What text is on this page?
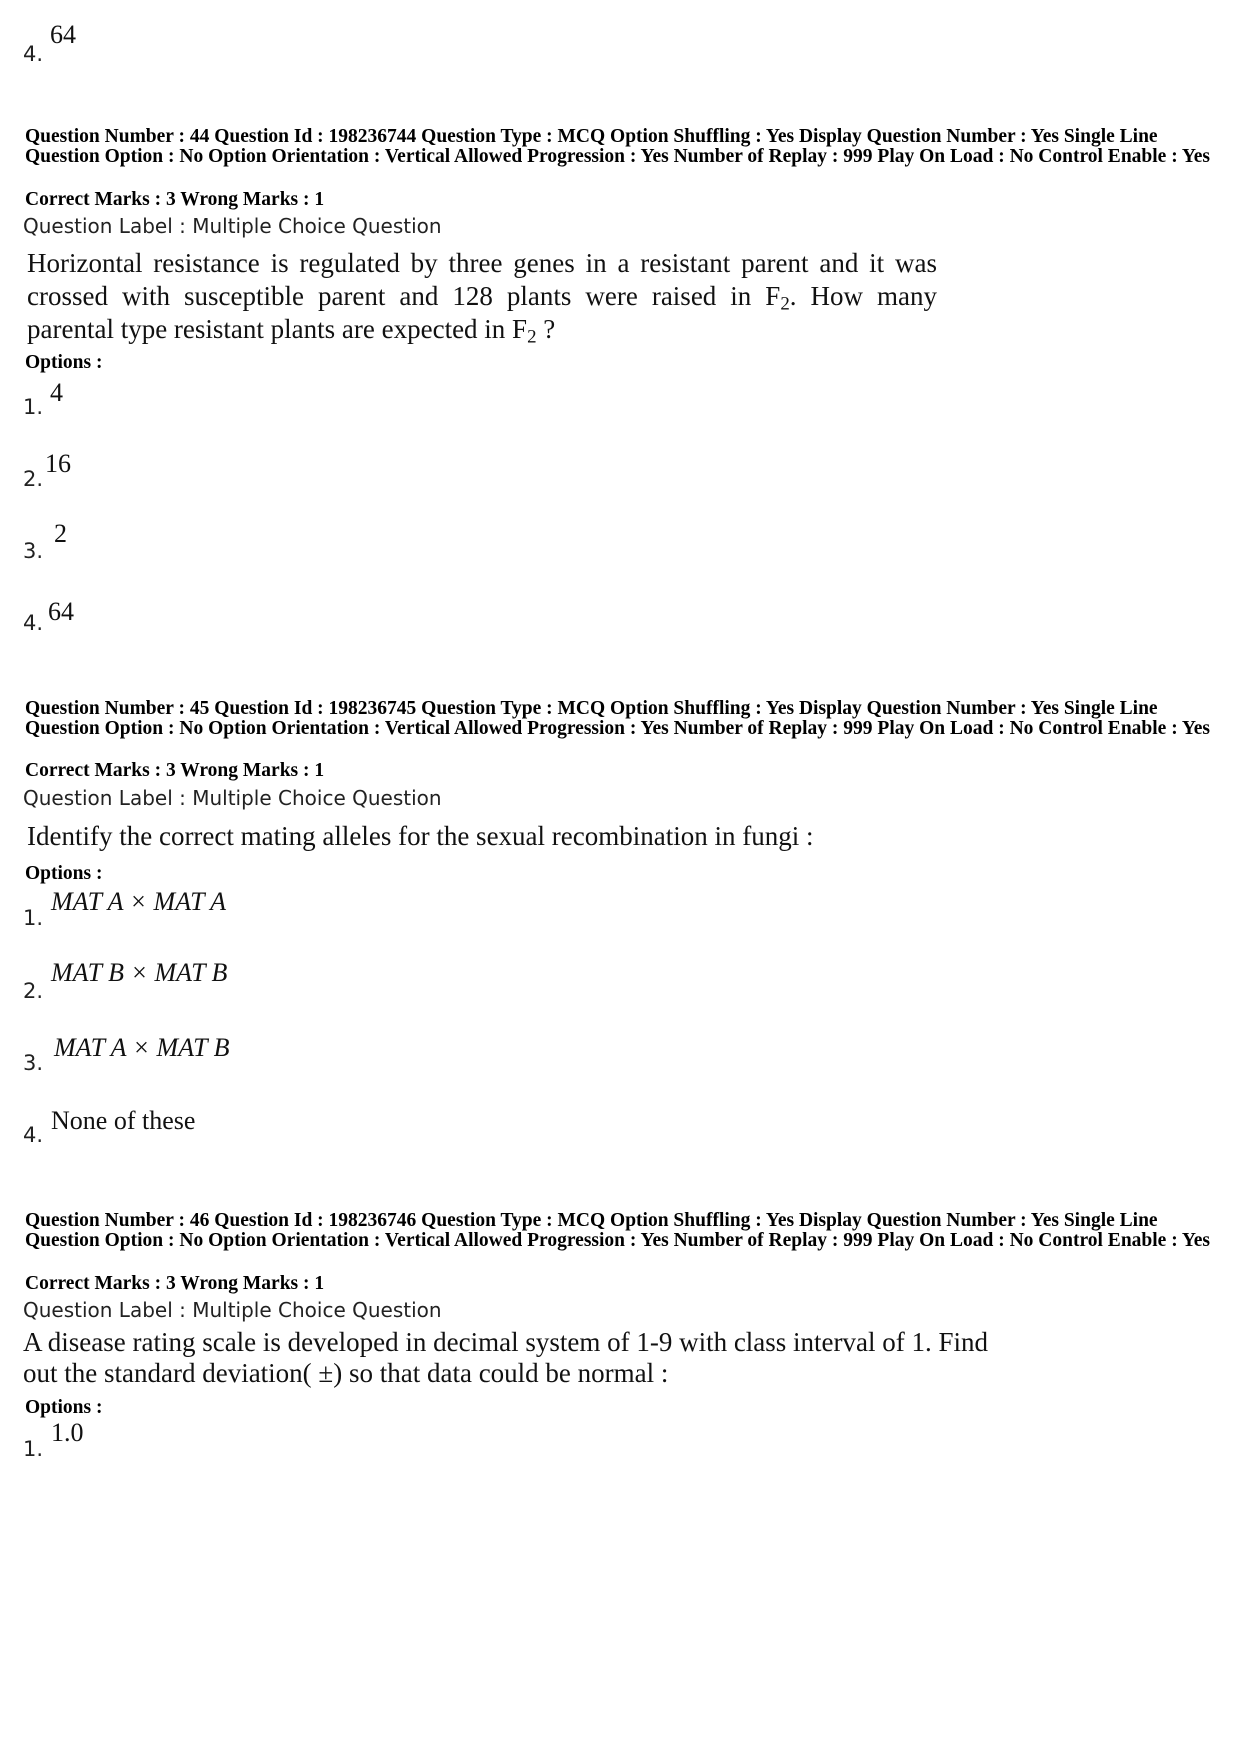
4.
64
Question Number : 44 Question Id : 198236744 Question Type : MCQ Option Shuffling : Yes Display Question Number : Yes Single Line Question Option : No Option Orientation : Vertical Allowed Progression : Yes Number of Replay : 999 Play On Load : No Control Enable : Yes
Correct Marks : 3 Wrong Marks : 1
Question Label : Multiple Choice Question
Horizontal resistance is regulated by three genes in a resistant parent and it was crossed with susceptible parent and 128 plants were raised in $F_2$. How many parental type resistant plants are expected in $F_2$ ?
Options :
1. 4
2.
16
3.
2
4. 64
Question Number : 45 Question Id : 198236745 Question Type : MCQ Option Shuffling : Yes Display Question Number : Yes Single Line Question Option : No Option Orientation : Vertical Allowed Progression : Yes Number of Replay : 999 Play On Load : No Control Enable : Yes
Correct Marks : 3 Wrong Marks : 1
Question Label : Multiple Choice Question
Identify the correct mating alleles for the sexual recombination in fungi :
Options :
1.
MAT A × MAT A
2.
MAT B × MAT B
3.
MAT A × MAT B
4. None of these
Question Number : 46 Question Id : 198236746 Question Type : MCQ Option Shuffling : Yes Display Question Number : Yes Single Line Question Option : No Option Orientation : Vertical Allowed Progression : Yes Number of Replay : 999 Play On Load : No Control Enable : Yes
Correct Marks : 3 Wrong Marks : 1
Question Label : Multiple Choice Question
A disease rating scale is developed in decimal system of 1-9 with class interval of 1. Find
out the standard deviation( ±) so that data could be normal :
Options :
1.
1.0
